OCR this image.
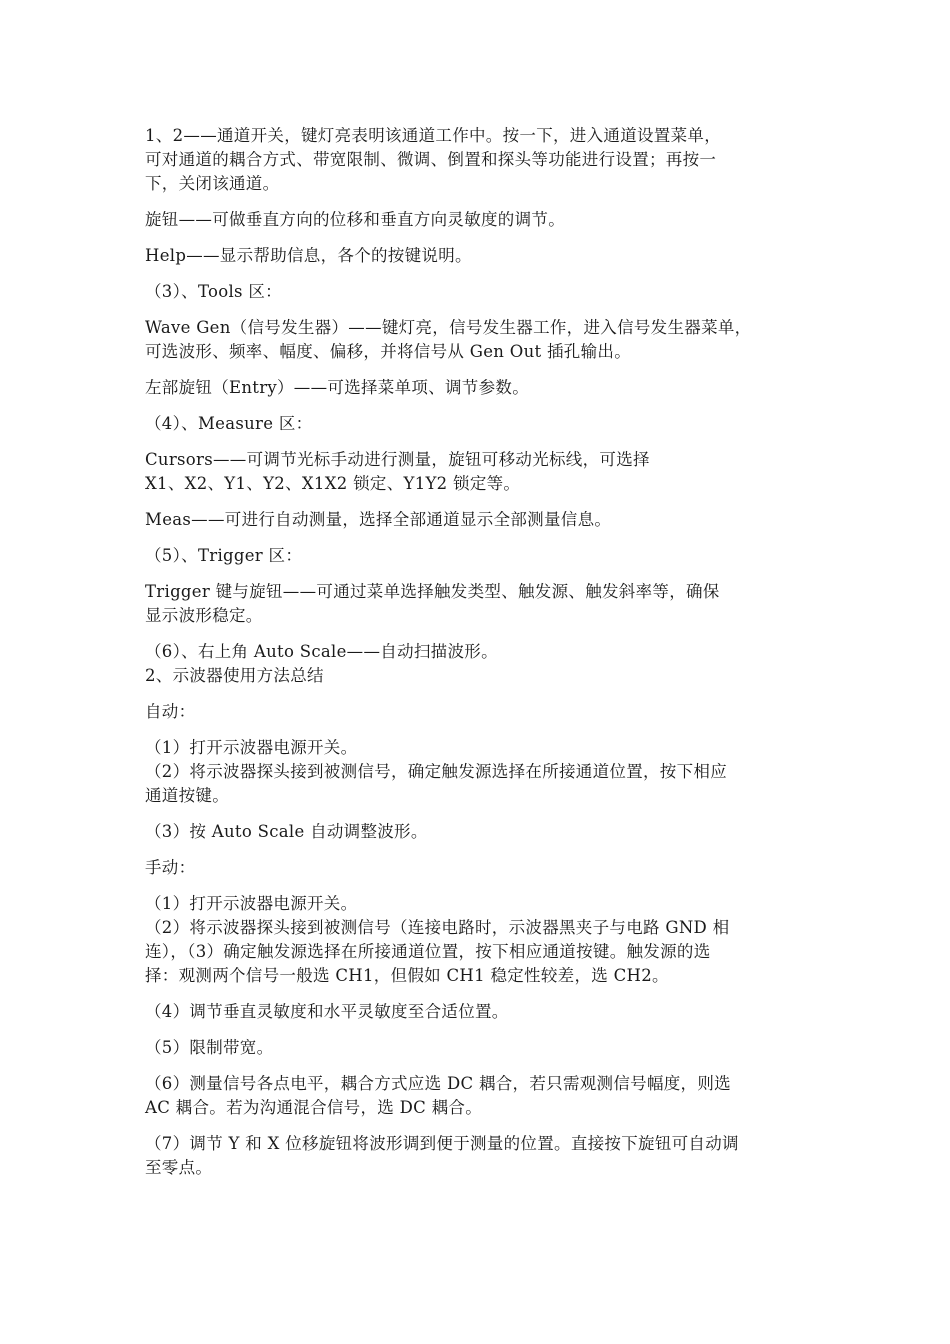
1、2——通道开关，键灯亮表明该通道工作中。按一下，进入通道设置菜单，
可对通道的耦合方式、带宽限制、微调、倒置和探头等功能进行设置；再按一
下，关闭该通道。

旋钮——可做垂直方向的位移和垂直方向灵敏度的调节。

Help——显示帮助信息，各个的按键说明。

（3）、Tools 区：

Wave Gen（信号发生器）——键灯亮，信号发生器工作，进入信号发生器菜单，
可选波形、频率、幅度、偏移，并将信号从 Gen Out 插孔输出。

左部旋钮（Entry）——可选择菜单项、调节参数。

（4）、Measure 区：

Cursors——可调节光标手动进行测量，旋钮可移动光标线，可选择
X1、X2、Y1、Y2、X1X2 锁定、Y1Y2 锁定等。

Meas——可进行自动测量，选择全部通道显示全部测量信息。

（5）、Trigger 区：

Trigger 键与旋钮——可通过菜单选择触发类型、触发源、触发斜率等，确保
显示波形稳定。

（6）、右上角 Auto Scale——自动扫描波形。

2、示波器使用方法总结

自动：

（1）打开示波器电源开关。

（2）将示波器探头接到被测信号，确定触发源选择在所接通道位置，按下相应
通道按键。

（3）按 Auto Scale 自动调整波形。

手动：

（1）打开示波器电源开关。

（2）将示波器探头接到被测信号（连接电路时，示波器黑夹子与电路 GND 相
连），（3）确定触发源选择在所接通道位置，按下相应通道按键。触发源的选
择：观测两个信号一般选 CH1，但假如 CH1 稳定性较差，选 CH2。

（4）调节垂直灵敏度和水平灵敏度至合适位置。

（5）限制带宽。

（6）测量信号各点电平，耦合方式应选 DC 耦合，若只需观测信号幅度，则选
AC 耦合。若为沟通混合信号，选 DC 耦合。

（7）调节 Y 和 X 位移旋钮将波形调到便于测量的位置。直接按下旋钮可自动调
至零点。
